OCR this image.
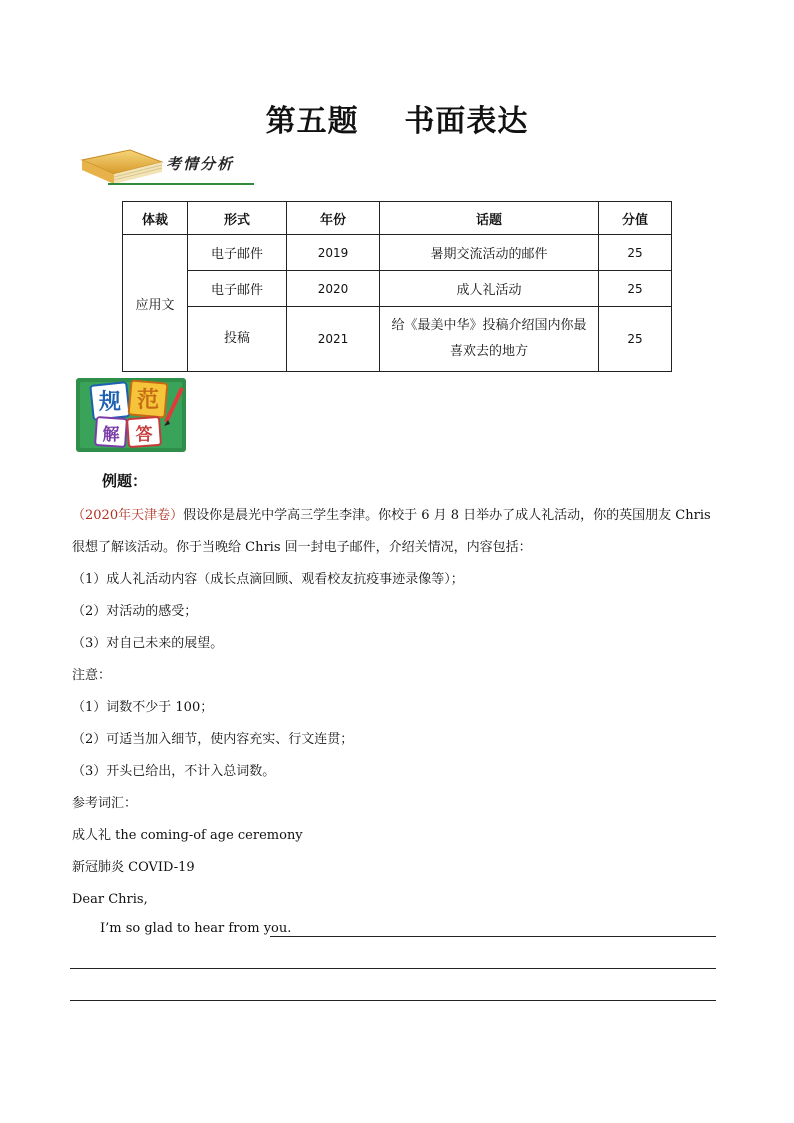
第五题    书面表达
考情分析
体裁	形式	年份	话题	分值
应用文	电子邮件	2019	暑期交流活动的邮件	25
	电子邮件	2020	成人礼活动	25
	投稿	2021	给《最美中华》投稿介绍国内你最喜欢去的地方	25
规 范
解 答
例题：
（2020年天津卷）假设你是晨光中学高三学生李津。你校于 6 月 8 日举办了成人礼活动，你的英国朋友 Chris
很想了解该活动。你于当晚给 Chris 回一封电子邮件，介绍关情况，内容包括：
（1）成人礼活动内容（成长点滴回顾、观看校友抗疫事迹录像等）；
（2）对活动的感受；
（3）对自己未来的展望。
注意：
（1）词数不少于 100；
（2）可适当加入细节，使内容充实、行文连贯；
（3）开头已给出，不计入总词数。
参考词汇：
成人礼 the coming-of age ceremony
新冠肺炎 COVID-19
Dear Chris,
I’m so glad to hear from you.
